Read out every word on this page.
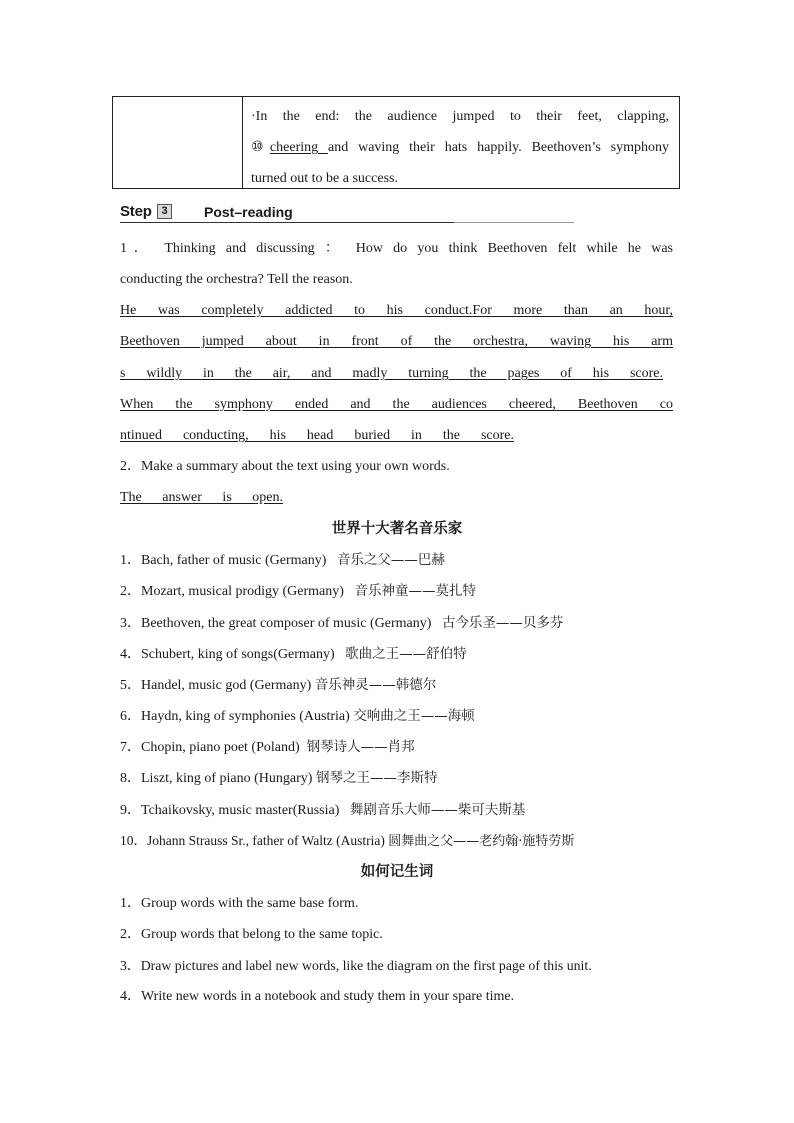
·In the end: the audience jumped to their feet, clapping,
⑩cheering and waving their hats happily. Beethoven’s symphony
turned out to be a success.
Step 3	Post–reading
1． Thinking and discussing ： How do you think Beethoven felt while he was
conducting the orchestra? Tell the reason.
He was completely addicted to his conduct.For more than an hour,
Beethoven jumped about in front of the orchestra, waving his arm
s wildly in the air, and madly turning the pages of his score.
When the symphony ended and the audiences cheered, Beethoven co
ntinued conducting, his head buried in the score.
2．Make a summary about the text using your own words.
The answer is open.
世界十大著名音乐家
1．Bach, father of music (Germany) 音乐之父——巴赫
2．Mozart, musical prodigy (Germany) 音乐神童——莫扎特
3．Beethoven, the great composer of music (Germany) 古今乐圣——贝多芬
4．Schubert, king of songs(Germany) 歌曲之王——舒伯特
5．Handel, music god (Germany) 音乐神灵——韩德尔
6．Haydn, king of symphonies (Austria) 交响曲之王——海顿
7．Chopin, piano poet (Poland) 钢琴诗人——肖邦
8．Liszt, king of piano (Hungary) 钢琴之王——李斯特
9．Tchaikovsky, music master(Russia) 舞剧音乐大师——柴可夫斯基
10．Johann Strauss Sr., father of Waltz (Austria) 圆舞曲之父——老约翰·施特劳斯
如何记生词
1．Group words with the same base form.
2．Group words that belong to the same topic.
3．Draw pictures and label new words, like the diagram on the first page of this unit.
4．Write new words in a notebook and study them in your spare time.
